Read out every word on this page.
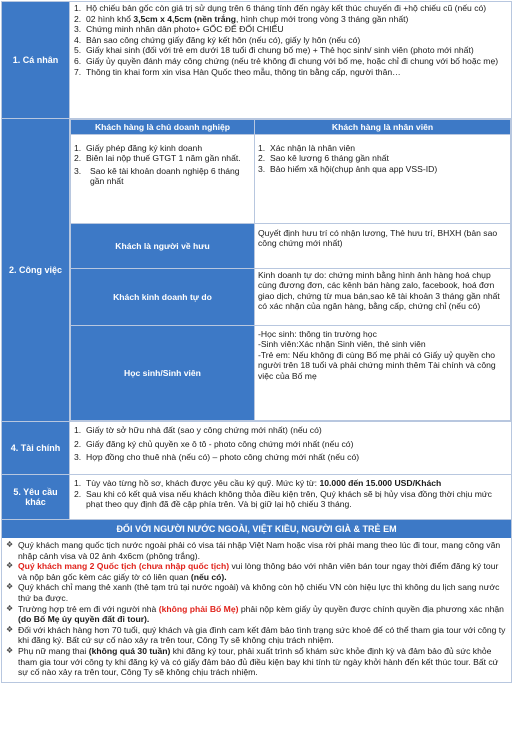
1. Cá nhân	
1. Hộ chiếu bản gốc còn giá trị sử dụng trên 6 tháng tính đến ngày kết thúc chuyến đi +hộ chiếu cũ (nếu có)
2. 02 hình khổ 3,5cm x 4,5cm (nền trắng, hình chụp mới trong vòng 3 tháng gần nhất)
3. Chứng minh nhân dân photo+ GỐC ĐỂ ĐỐI CHIẾU
4. Bản sao công chứng giấy đăng ký kết hôn (nếu có), giấy ly hôn (nếu có)
5. Giấy khai sinh (đối với trẻ em dưới 18 tuổi đi chung bố mẹ) + Thẻ học sinh/ sinh viên (photo mới nhất)
6. Giấy ủy quyền đánh máy công chứng (nếu trẻ không đi chung với bố mẹ, hoặc chỉ đi chung với bố hoặc mẹ)
7. Thông tin khai form xin visa Hàn Quốc theo mẫu, thông tin bằng cấp, người thân…

2. Công việc	
Khách hàng là chủ doanh nghiệp	Khách hàng là nhân viên

1. Giấy phép đăng ký kinh doanh
2. Biên lai nộp thuế GTGT 1 năm gần nhất.
3.	Sao kê tài khoản doanh nghiệp 6 tháng gần nhất

1. Xác nhận là nhân viên
2. Sao kê lương 6 tháng gần nhất
3. Bảo hiểm xã hội(chụp ảnh qua app VSS-ID)

Khách là người về hưu	
Quyết định hưu trí có nhận lương, Thẻ hưu trí, BHXH (bản sao công chứng mới nhất)

Khách kinh doanh tự do	
Kinh doanh tự do: chứng minh bằng hình ảnh hàng hoá chụp cùng đương đơn, các kênh bán hàng zalo, facebook, hoá đơn giao dịch, chứng từ mua bán,sao kê tài khoản 3 tháng gần nhất có xác nhận của ngân hàng, bằng cấp, chứng chỉ (nếu có)

Học sinh/Sinh viên	
-Học sinh: thông tin trường học
-Sinh viên:Xác nhận Sinh viên, thẻ sinh viên
-Trẻ em: Nếu không đi cùng Bố mẹ phải có Giấy uỷ quyền cho người trên 18 tuổi và phải chứng minh thêm Tài chính và công việc của Bố mẹ

4. Tài chính	
1. Giấy tờ sở hữu nhà đất (sao y công chứng mới nhất) (nếu có)
2. Giấy đăng ký chủ quyền xe ô tô - photo công chứng mới nhất (nếu có)
3. Hợp đồng cho thuê nhà (nếu có) – photo công chứng mới nhất (nếu có)

5. Yêu cầu khác	
1. Tùy vào từng hồ sơ, khách được yêu cầu ký quỹ. Mức ký từ: 10.000 đến 15.000 USD/Khách
2. Sau khi có kết quả visa nếu khách không thỏa điều kiện trên, Quý khách sẽ bị hủy visa đồng thời chịu mức phạt theo quy định đã đề cập phía trên. Và bị giữ lại hộ chiếu 3 tháng.

ĐỐI VỚI NGƯỜI NƯỚC NGOÀI, VIỆT KIỀU, NGƯỜI GIÀ & TRẺ EM
❖ Quý khách mang quốc tịch nước ngoài phải có visa tái nhập Việt Nam hoặc visa rời phải mang theo lúc đi tour, mang công văn nhập cảnh visa và 02 ảnh 4x6cm (phông trắng).
❖ Quý khách mang 2 Quốc tịch (chưa nhập quốc tịch) vui lòng thông báo với nhân viên bán tour ngay thời điểm đăng ký tour và nộp bản gốc kèm các giấy tờ có liên quan (nếu có).
❖ Quý khách chỉ mang thẻ xanh (thẻ tạm trú tại nước ngoài) và không còn hộ chiếu VN còn hiệu lực thì không du lịch sang nước thứ ba được.
❖ Trường hợp trẻ em đi với người nhà (không phải Bố Mẹ) phải nộp kèm giấy ủy quyền được chính quyền địa phương xác nhận (do Bố Mẹ ủy quyền đất đi tour).
❖ Đối với khách hàng hơn 70 tuổi, quý khách và gia đình cam kết đảm bảo tình trạng sức khoẻ để có thể tham gia tour với công ty khi đăng ký. Bất cứ sự cố nào xảy ra trên tour, Công Ty sẽ không chịu trách nhiệm.
❖ Phụ nữ mang thai (không quá 30 tuần) khi đăng ký tour, phải xuất trình sổ khám sức khỏe định kỳ và đảm bảo đủ sức khỏe tham gia tour với công ty khi đăng ký và có giấy đảm bảo đủ điều kiện bay khi tính từ ngày khởi hành đến kết thúc tour. Bất cứ sự cố nào xảy ra trên tour, Công Ty sẽ không chịu trách nhiệm.
